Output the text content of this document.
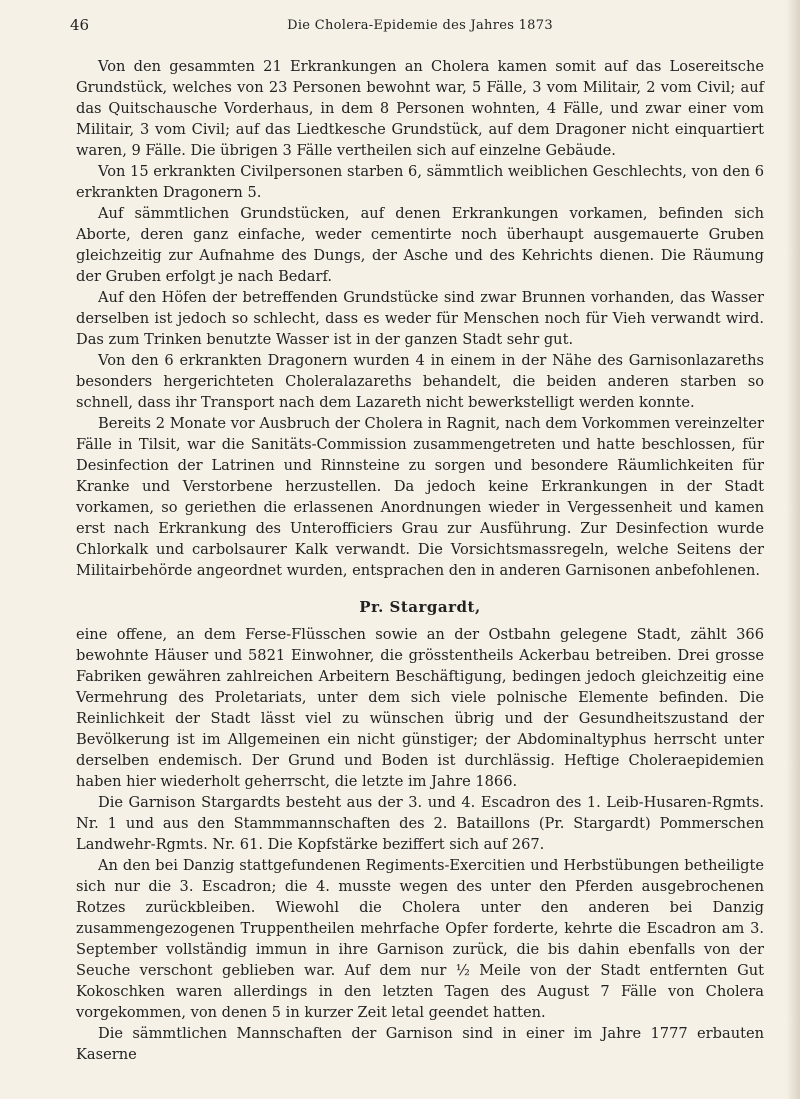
46	Die Cholera-Epidemie des Jahres 1873

Von den gesammten 21 Erkrankungen an Cholera kamen somit auf das Losereitsche Grundstück, welches von 23 Personen bewohnt war, 5 Fälle, 3 vom Militair, 2 vom Civil; auf das Quitschausche Vorderhaus, in dem 8 Personen wohnten, 4 Fälle, und zwar einer vom Militair, 3 vom Civil; auf das Liedtkesche Grundstück, auf dem Dragoner nicht einquartiert waren, 9 Fälle. Die übrigen 3 Fälle vertheilen sich auf einzelne Gebäude.

Von 15 erkrankten Civilpersonen starben 6, sämmtlich weiblichen Geschlechts, von den 6 erkrankten Dragonern 5.

Auf sämmtlichen Grundstücken, auf denen Erkrankungen vorkamen, befinden sich Aborte, deren ganz einfache, weder cementirte noch überhaupt ausgemauerte Gruben gleichzeitig zur Aufnahme des Dungs, der Asche und des Kehrichts dienen. Die Räumung der Gruben erfolgt je nach Bedarf.

Auf den Höfen der betreffenden Grundstücke sind zwar Brunnen vorhanden, das Wasser derselben ist jedoch so schlecht, dass es weder für Menschen noch für Vieh verwandt wird. Das zum Trinken benutzte Wasser ist in der ganzen Stadt sehr gut.

Von den 6 erkrankten Dragonern wurden 4 in einem in der Nähe des Garnisonlazareths besonders hergerichteten Choleralazareths behandelt, die beiden anderen starben so schnell, dass ihr Transport nach dem Lazareth nicht bewerkstelligt werden konnte.

Bereits 2 Monate vor Ausbruch der Cholera in Ragnit, nach dem Vorkommen vereinzelter Fälle in Tilsit, war die Sanitäts-Commission zusammengetreten und hatte beschlossen, für Desinfection der Latrinen und Rinnsteine zu sorgen und besondere Räumlichkeiten für Kranke und Verstorbene herzustellen. Da jedoch keine Erkrankungen in der Stadt vorkamen, so geriethen die erlassenen Anordnungen wieder in Vergessenheit und kamen erst nach Erkrankung des Unterofficiers Grau zur Ausführung. Zur Desinfection wurde Chlorkalk und carbolsaurer Kalk verwandt. Die Vorsichtsmassregeln, welche Seitens der Militairbehörde angeordnet wurden, entsprachen den in anderen Garnisonen anbefohlenen.

Pr. Stargardt,

eine offene, an dem Ferse-Flüsschen sowie an der Ostbahn gelegene Stadt, zählt 366 bewohnte Häuser und 5821 Einwohner, die grösstentheils Ackerbau betreiben. Drei grosse Fabriken gewähren zahlreichen Arbeitern Beschäftigung, bedingen jedoch gleichzeitig eine Vermehrung des Proletariats, unter dem sich viele polnische Elemente befinden. Die Reinlichkeit der Stadt lässt viel zu wünschen übrig und der Gesundheitszustand der Bevölkerung ist im Allgemeinen ein nicht günstiger; der Abdominaltyphus herrscht unter derselben endemisch. Der Grund und Boden ist durchlässig. Heftige Choleraepidemien haben hier wiederholt geherrscht, die letzte im Jahre 1866.

Die Garnison Stargardts besteht aus der 3. und 4. Escadron des 1. Leib-Husaren-Rgmts. Nr. 1 und aus den Stammmannschaften des 2. Bataillons (Pr. Stargardt) Pommerschen Landwehr-Rgmts. Nr. 61. Die Kopfstärke beziffert sich auf 267.

An den bei Danzig stattgefundenen Regiments-Exercitien und Herbstübungen betheiligte sich nur die 3. Escadron; die 4. musste wegen des unter den Pferden ausgebrochenen Rotzes zurückbleiben. Wiewohl die Cholera unter den anderen bei Danzig zusammengezogenen Truppentheilen mehrfache Opfer forderte, kehrte die Escadron am 3. September vollständig immun in ihre Garnison zurück, die bis dahin ebenfalls von der Seuche verschont geblieben war. Auf dem nur ½ Meile von der Stadt entfernten Gut Kokoschken waren allerdings in den letzten Tagen des August 7 Fälle von Cholera vorgekommen, von denen 5 in kurzer Zeit letal geendet hatten.

Die sämmtlichen Mannschaften der Garnison sind in einer im Jahre 1777 erbauten Kaserne
